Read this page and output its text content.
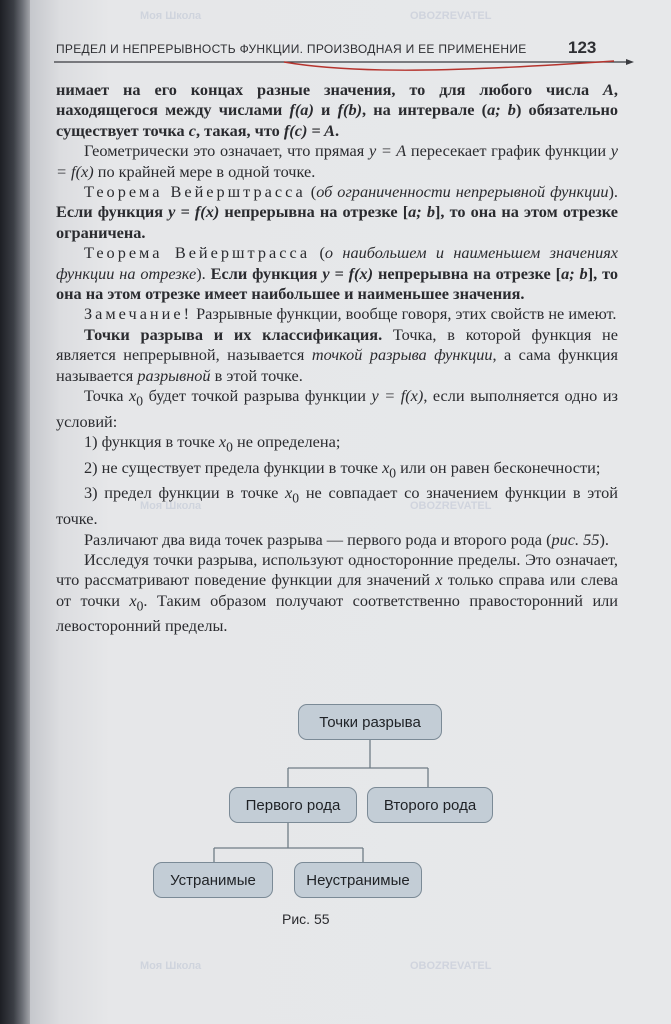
ПРЕДЕЛ И НЕПРЕРЫВНОСТЬ ФУНКЦИИ. ПРОИЗВОДНАЯ И ЕЕ ПРИМЕНЕНИЕ	123

нимает на его концах разные значения, то для любого числа A, находящегося между числами f(a) и f(b), на интервале (a; b) обязательно существует точка c, такая, что f(c) = A.

Геометрически это означает, что прямая y = A пересекает график функции y = f(x) по крайней мере в одной точке.

Теорема Вейерштрасса (об ограниченности непрерывной функции). Если функция y = f(x) непрерывна на отрезке [a; b], то она на этом отрезке ограничена.

Теорема Вейерштрасса (о наибольшем и наименьшем значениях функции на отрезке). Если функция y = f(x) непрерывна на отрезке [a; b], то она на этом отрезке имеет наибольшее и наименьшее значения.

Замечание! Разрывные функции, вообще говоря, этих свойств не имеют.

Точки разрыва и их классификация. Точка, в которой функция не является непрерывной, называется точкой разрыва функции, а сама функция называется разрывной в этой точке.

Точка $x_0$ будет точкой разрыва функции y = f(x), если выполняется одно из условий:

1) функция в точке $x_0$ не определена;

2) не существует предела функции в точке $x_0$ или он равен бесконечности;

3) предел функции в точке $x_0$ не совпадает со значением функции в этой точке.

Различают два вида точек разрыва — первого рода и второго рода (рис. 55).

Исследуя точки разрыва, используют односторонние пределы. Это означает, что рассматривают поведение функции для значений x только справа или слева от точки $x_0$. Таким образом получают соответственно правосторонний или левосторонний пределы.

Точки разрыва
Первого рода	Второго рода
Устранимые	Неустранимые
Рис. 55
Моя Школа	OBOZREVATEL
Моя Школа	OBOZREVATEL
Моя Школа	OBOZREVATEL
